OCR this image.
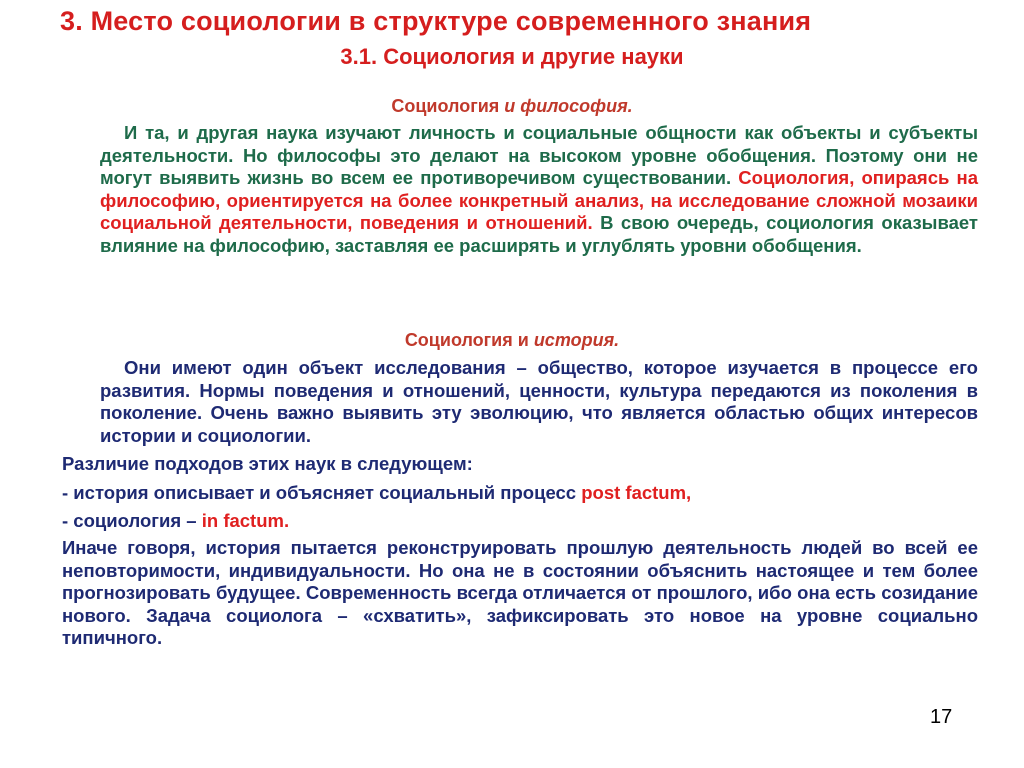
3. Место социологии в структуре современного знания
3.1. Социология и другие науки
Социология и философия.
И та, и другая наука изучают личность и социальные общности как объекты и субъекты деятельности. Но философы это делают на высоком уровне обобщения. Поэтому они не могут выявить жизнь во всем ее противоречивом существовании. Социология, опираясь на философию, ориентируется на более конкретный анализ, на исследование сложной мозаики социальной деятельности, поведения и отношений. В свою очередь, социология оказывает влияние на философию, заставляя ее расширять и углублять уровни обобщения.
Социология и история.
Они имеют один объект исследования – общество, которое изучается в процессе его развития. Нормы поведения и отношений, ценности, культура передаются из поколения в поколение. Очень важно выявить эту эволюцию, что является областью общих интересов истории и социологии.
Различие подходов этих наук в следующем:
- история описывает и объясняет социальный процесс post factum,
- социология – in factum.
Иначе говоря, история пытается реконструировать прошлую деятельность людей во всей ее неповторимости, индивидуальности. Но она не в состоянии объяснить настоящее и тем более прогнозировать будущее. Современность всегда отличается от прошлого, ибо она есть созидание нового. Задача социолога – «схватить», зафиксировать это новое на уровне социально типичного.
17
